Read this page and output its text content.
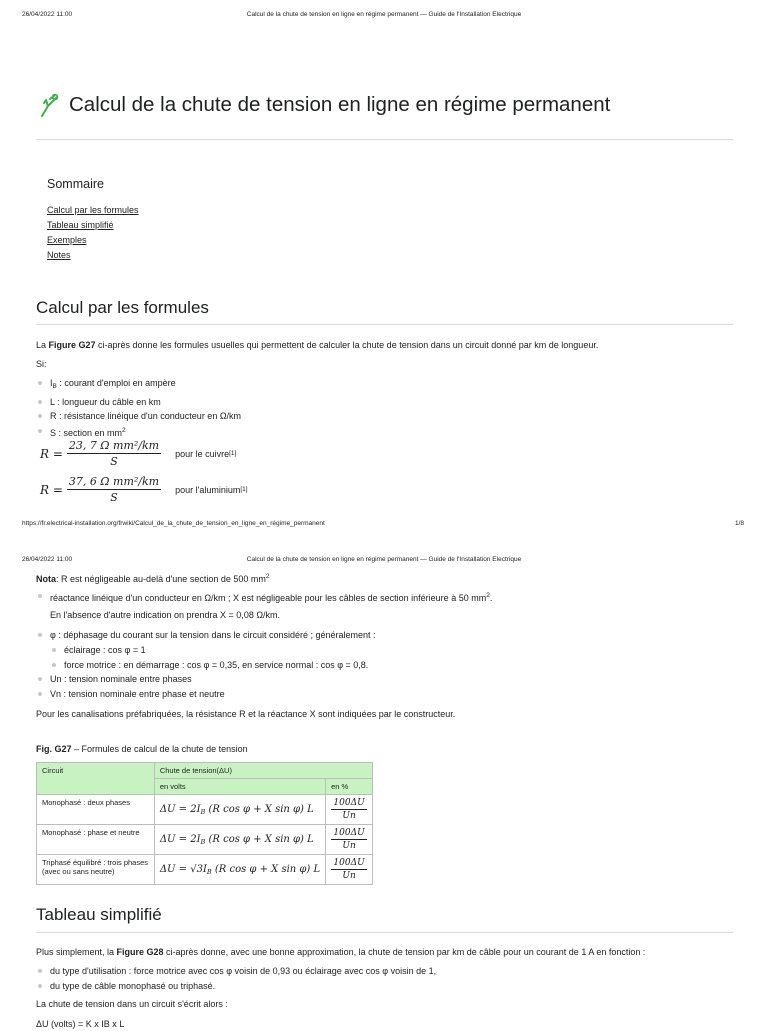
26/04/2022 11:00	Calcul de la chute de tension en ligne en régime permanent — Guide de l'Installation Electrique
Calcul de la chute de tension en ligne en régime permanent
Sommaire
Calcul par les formules
Tableau simplifié
Exemples
Notes
Calcul par les formules
La Figure G27 ci-après donne les formules usuelles qui permettent de calculer la chute de tension dans un circuit donné par km de longueur.
Si:
$I_B$ : courant d'emploi en ampère
L : longueur du câble en km
R : résistance linéique d'un conducteur en Ω/km
S : section en $mm^2$
$R = \frac{\text{23, 7 Ω mm²/km}}{S}$ pour le cuivre [1]
$R = \frac{\text{37, 6 Ω mm²/km}}{S}$ pour l'aluminium [1]
https://fr.electrical-installation.org/frwiki/Calcul_de_la_chute_de_tension_en_ligne_en_régime_permanent	1/8
26/04/2022 11:00	Calcul de la chute de tension en ligne en régime permanent — Guide de l'Installation Electrique
Nota: R est négligeable au-delà d'une section de 500 $mm^2$
réactance linéique d'un conducteur en Ω/km ; X est négligeable pour les câbles de section inférieure à 50 $mm^2$.
En l'absence d'autre indication on prendra X = 0,08 Ω/km.
φ : déphasage du courant sur la tension dans le circuit considéré ; généralement :
éclairage : cos φ = 1
force motrice : en démarrage : cos φ = 0,35, en service normal : cos φ = 0,8.
Un : tension nominale entre phases
Vn : tension nominale entre phase et neutre
Pour les canalisations préfabriquées, la résistance R et la réactance X sont indiquées par le constructeur.
Fig. G27 – Formules de calcul de la chute de tension
Circuit	Chute de tension(ΔU)	
	en volts	en %
Monophasé : deux phases	$\Delta U = 2I_B$ (R cos φ + X sin φ) L	$\frac{100\Delta U}{Un}$

Monophasé : phase et neutre	$\Delta U = 2I_B$ (R cos φ + X sin φ) L	$\frac{100\Delta U}{Un}$

Triphasé équilibré : trois phases (avec ou sans neutre)	$\Delta U = √3I_B$ (R cos φ + X sin φ) L	$\frac{100\Delta U}{Un}$
Tableau simplifié
Plus simplement, la Figure G28 ci-après donne, avec une bonne approximation, la chute de tension par km de câble pour un courant de 1 A en fonction :
du type d'utilisation : force motrice avec cos φ voisin de 0,93 ou éclairage avec cos φ voisin de 1,
du type de câble monophasé ou triphasé.
La chute de tension dans un circuit s'écrit alors :
ΔU (volts) = K x IB x L
